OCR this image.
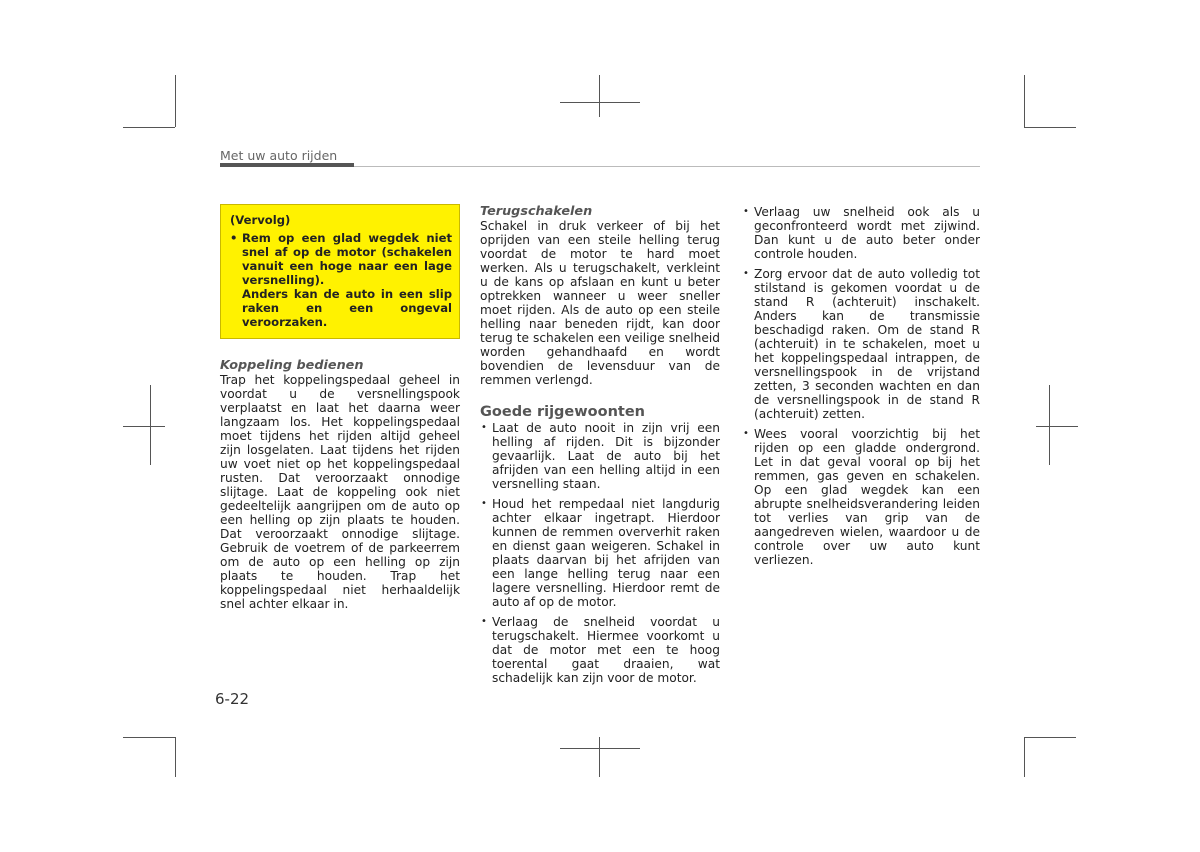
Met uw auto rijden
(Vervolg)

• Rem op een glad wegdek niet snel af op de motor (schakelen vanuit een hoge naar een lage versnelling).

Anders kan de auto in een slip raken en een ongeval veroorzaken.

Koppeling bedienen

Trap het koppelingspedaal geheel in voordat u de versnellingspook verplaatst en laat het daarna weer langzaam los. Het koppelingspedaal moet tijdens het rijden altijd geheel zijn losgelaten. Laat tijdens het rijden uw voet niet op het koppelingspedaal rusten. Dat veroorzaakt onnodige slijtage. Laat de koppeling ook niet gedeeltelijk aangrijpen om de auto op een helling op zijn plaats te houden. Dat veroorzaakt onnodige slijtage. Gebruik de voetrem of de parkeerrem om de auto op een helling op zijn plaats te houden. Trap het koppelingspedaal niet herhaaldelijk snel achter elkaar in.

Terugschakelen

Schakel in druk verkeer of bij het oprijden van een steile helling terug voordat de motor te hard moet werken. Als u terugschakelt, verkleint u de kans op afslaan en kunt u beter optrekken wanneer u weer sneller moet rijden. Als de auto op een steile helling naar beneden rijdt, kan door terug te schakelen een veilige snelheid worden gehandhaafd en wordt bovendien de levensduur van de remmen verlengd.

Goede rijgewoonten

• Laat de auto nooit in zijn vrij een helling af rijden. Dit is bijzonder gevaarlijk. Laat de auto bij het afrijden van een helling altijd in een versnelling staan.
• Houd het rempedaal niet langdurig achter elkaar ingetrapt. Hierdoor kunnen de remmen oververhit raken en dienst gaan weigeren. Schakel in plaats daarvan bij het afrijden van een lange helling terug naar een lagere versnelling. Hierdoor remt de auto af op de motor.
• Verlaag de snelheid voordat u terugschakelt. Hiermee voorkomt u dat de motor met een te hoog toerental gaat draaien, wat schadelijk kan zijn voor de motor.
• Verlaag uw snelheid ook als u geconfronteerd wordt met zijwind. Dan kunt u de auto beter onder controle houden.
• Zorg ervoor dat de auto volledig tot stilstand is gekomen voordat u de stand R (achteruit) inschakelt. Anders kan de transmissie beschadigd raken. Om de stand R (achteruit) in te schakelen, moet u het koppelingspedaal intrappen, de versnellingspook in de vrijstand zetten, 3 seconden wachten en dan de versnellingspook in de stand R (achteruit) zetten.
• Wees vooral voorzichtig bij het rijden op een gladde ondergrond. Let in dat geval vooral op bij het remmen, gas geven en schakelen. Op een glad wegdek kan een abrupte snelheidsverandering leiden tot verlies van grip van de aangedreven wielen, waardoor u de controle over uw auto kunt verliezen.
6-22
